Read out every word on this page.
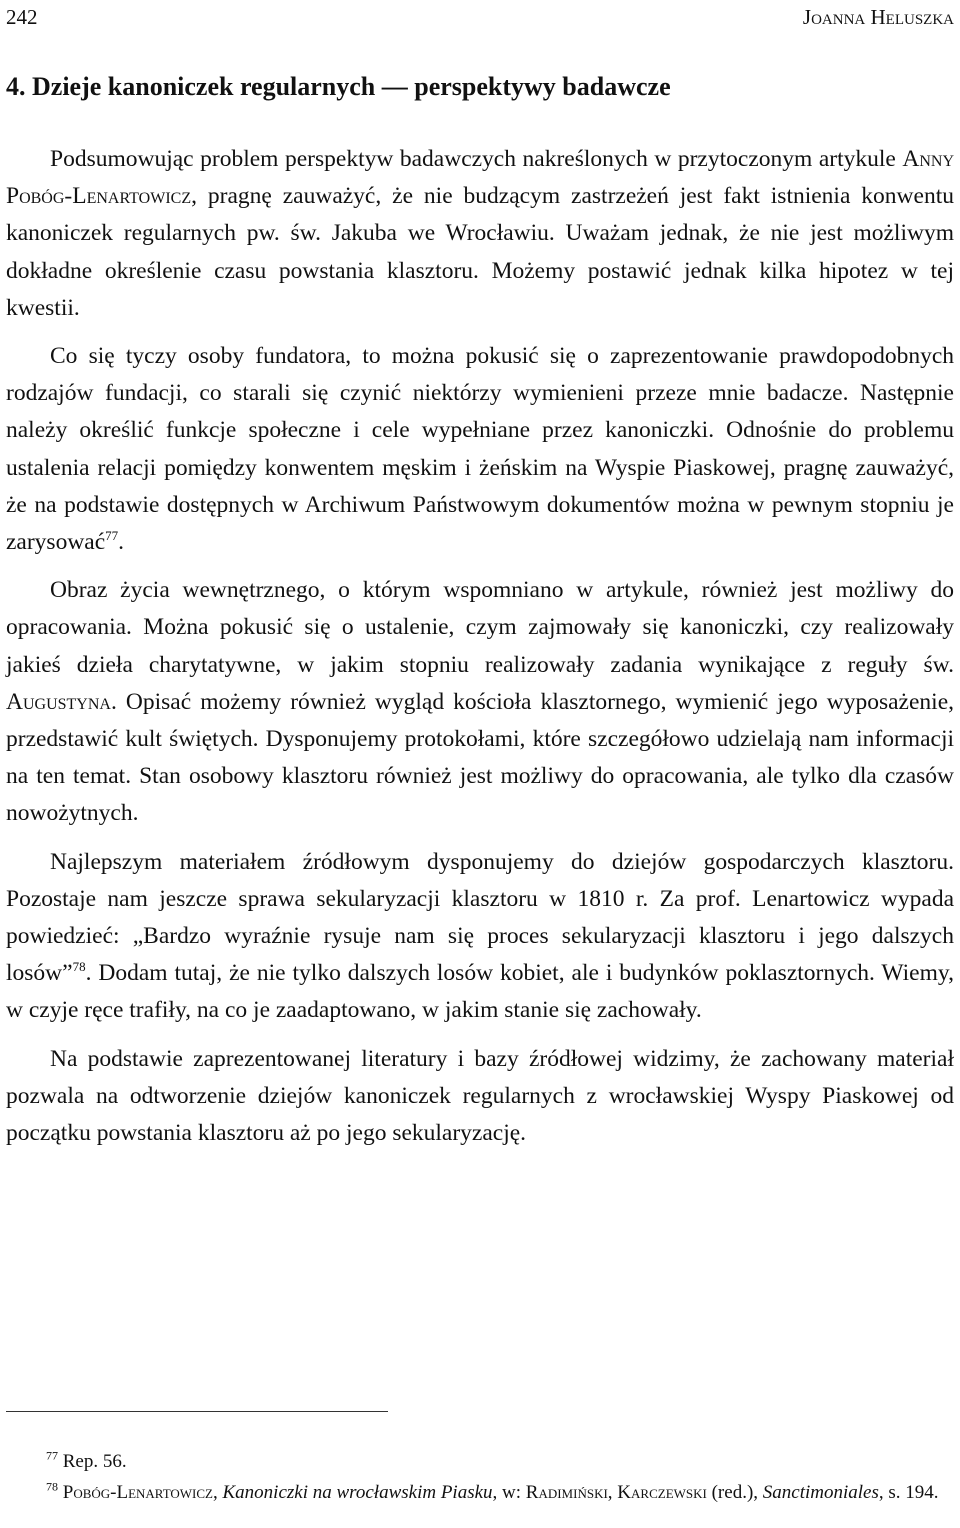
242	Joanna Heluszka
4. Dzieje kanoniczek regularnych — perspektywy badawcze

Podsumowując problem perspektyw badawczych nakreślonych w przytoczonym artykule Anny Pobóg-Lenartowicz, pragnę zauważyć, że nie budzącym zastrzeżeń jest fakt istnienia konwentu kanoniczek regularnych pw. św. Jakuba we Wrocławiu. Uważam jednak, że nie jest możliwym dokładne określenie czasu powstania klasztoru. Możemy postawić jednak kilka hipotez w tej kwestii.

Co się tyczy osoby fundatora, to można pokusić się o zaprezentowanie prawdopodobnych rodzajów fundacji, co starali się czynić niektórzy wymienieni przeze mnie badacze. Następnie należy określić funkcje społeczne i cele wypełniane przez kanoniczki. Odnośnie do problemu ustalenia relacji pomiędzy konwentem męskim i żeńskim na Wyspie Piaskowej, pragnę zauważyć, że na podstawie dostępnych w Archiwum Państwowym dokumentów można w pewnym stopniu je zarysować$^{77}$.

Obraz życia wewnętrznego, o którym wspomniano w artykule, również jest możliwy do opracowania. Można pokusić się o ustalenie, czym zajmowały się kanoniczki, czy realizowały jakieś dzieła charytatywne, w jakim stopniu realizowały zadania wynikające z reguły św. Augustyna. Opisać możemy również wygląd kościoła klasztornego, wymienić jego wyposażenie, przedstawić kult świętych. Dysponujemy protokołami, które szczegółowo udzielają nam informacji na ten temat. Stan osobowy klasztoru również jest możliwy do opracowania, ale tylko dla czasów nowożytnych.

Najlepszym materiałem źródłowym dysponujemy do dziejów gospodarczych klasztoru. Pozostaje nam jeszcze sprawa sekularyzacji klasztoru w 1810 r. Za prof. Lenartowicz wypada powiedzieć: „Bardzo wyraźnie rysuje nam się proces sekularyzacji klasztoru i jego dalszych losów”$^{78}$. Dodam tutaj, że nie tylko dalszych losów kobiet, ale i budynków poklasztornych. Wiemy, w czyje ręce trafiły, na co je zaadaptowano, w jakim stanie się zachowały.

Na podstawie zaprezentowanej literatury i bazy źródłowej widzimy, że zachowany materiał pozwala na odtworzenie dziejów kanoniczek regularnych z wrocławskiej Wyspy Piaskowej od początku powstania klasztoru aż po jego sekularyzację.

$^{77}$ Rep. 56.

$^{78}$ Pobóg-Lenartowicz, Kanoniczki na wrocławskim Piasku, w: Radimiński, Karczewski (red.), Sanctimoniales, s. 194.
